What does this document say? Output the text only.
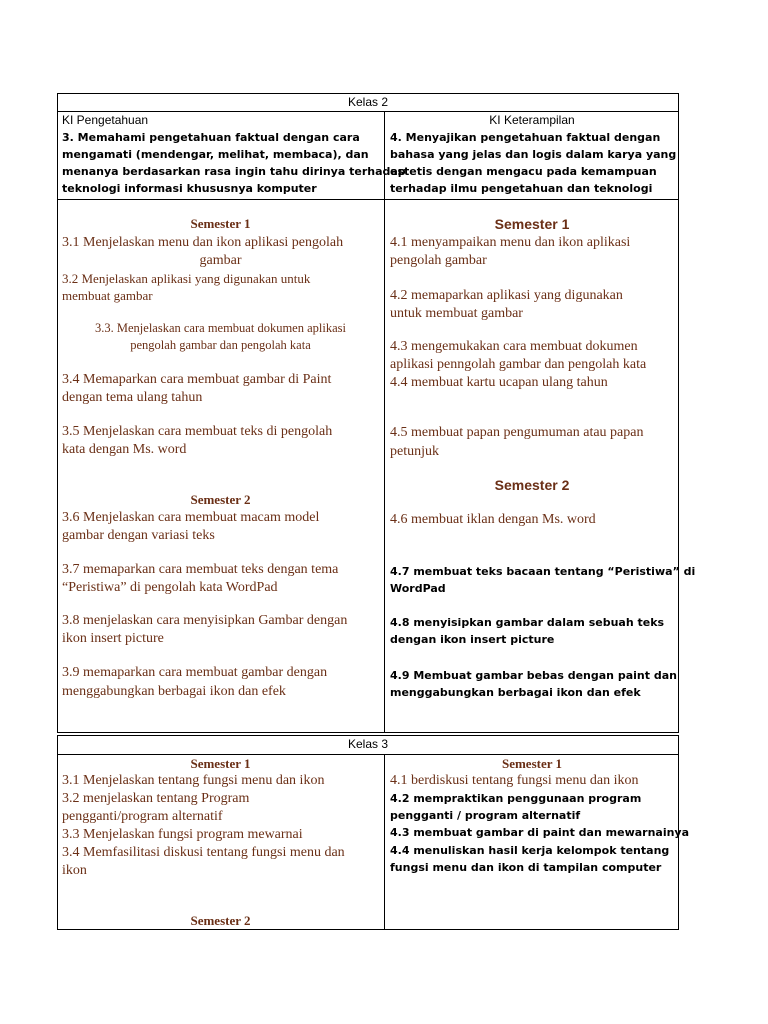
Kelas 2
KI Pengetahuan
3. Memahami pengetahuan faktual dengan cara
mengamati (mendengar, melihat, membaca), dan
menanya berdasarkan rasa ingin tahu dirinya terhadap
teknologi informasi khususnya komputer
KI Keterampilan
4. Menyajikan pengetahuan faktual dengan
bahasa yang jelas dan logis dalam karya yang
estetis dengan mengacu pada kemampuan
terhadap ilmu pengetahuan dan teknologi
Semester 1
3.1 Menjelaskan menu dan ikon aplikasi pengolah
gambar
3.2 Menjelaskan aplikasi yang digunakan untuk
membuat gambar
3.3. Menjelaskan cara membuat dokumen aplikasi
pengolah gambar dan pengolah kata
3.4 Memaparkan cara membuat gambar di Paint
dengan tema ulang tahun
3.5 Menjelaskan cara membuat teks di pengolah
kata dengan Ms. word
Semester 2
3.6 Menjelaskan cara membuat macam model
gambar dengan variasi teks
3.7 memaparkan cara membuat teks dengan tema
“Peristiwa” di pengolah kata WordPad
3.8 menjelaskan cara menyisipkan Gambar dengan
ikon insert picture
3.9 memaparkan cara membuat gambar dengan
menggabungkan berbagai ikon dan efek
Semester 1
4.1 menyampaikan menu dan ikon aplikasi
pengolah gambar
4.2 memaparkan aplikasi yang digunakan
untuk membuat gambar
4.3 mengemukakan cara membuat dokumen
aplikasi penngolah gambar dan pengolah kata
4.4 membuat kartu ucapan ulang tahun
4.5 membuat papan pengumuman atau papan
petunjuk
Semester 2
4.6 membuat iklan dengan Ms. word
4.7 membuat teks bacaan tentang “Peristiwa” di
WordPad
4.8 menyisipkan gambar dalam sebuah teks
dengan ikon insert picture
4.9 Membuat gambar bebas dengan paint dan
menggabungkan berbagai ikon dan efek
Kelas 3
Semester 1
3.1 Menjelaskan tentang fungsi menu dan ikon
3.2 menjelaskan tentang Program
pengganti/program alternatif
3.3 Menjelaskan fungsi program mewarnai
3.4 Memfasilitasi diskusi tentang fungsi menu dan
ikon
Semester 2
Semester 1
4.1 berdiskusi tentang fungsi menu dan ikon
4.2 mempraktikan penggunaan program
pengganti / program alternatif
4.3 membuat gambar di paint dan mewarnainya
4.4 menuliskan hasil kerja kelompok tentang
fungsi menu dan ikon di tampilan computer
